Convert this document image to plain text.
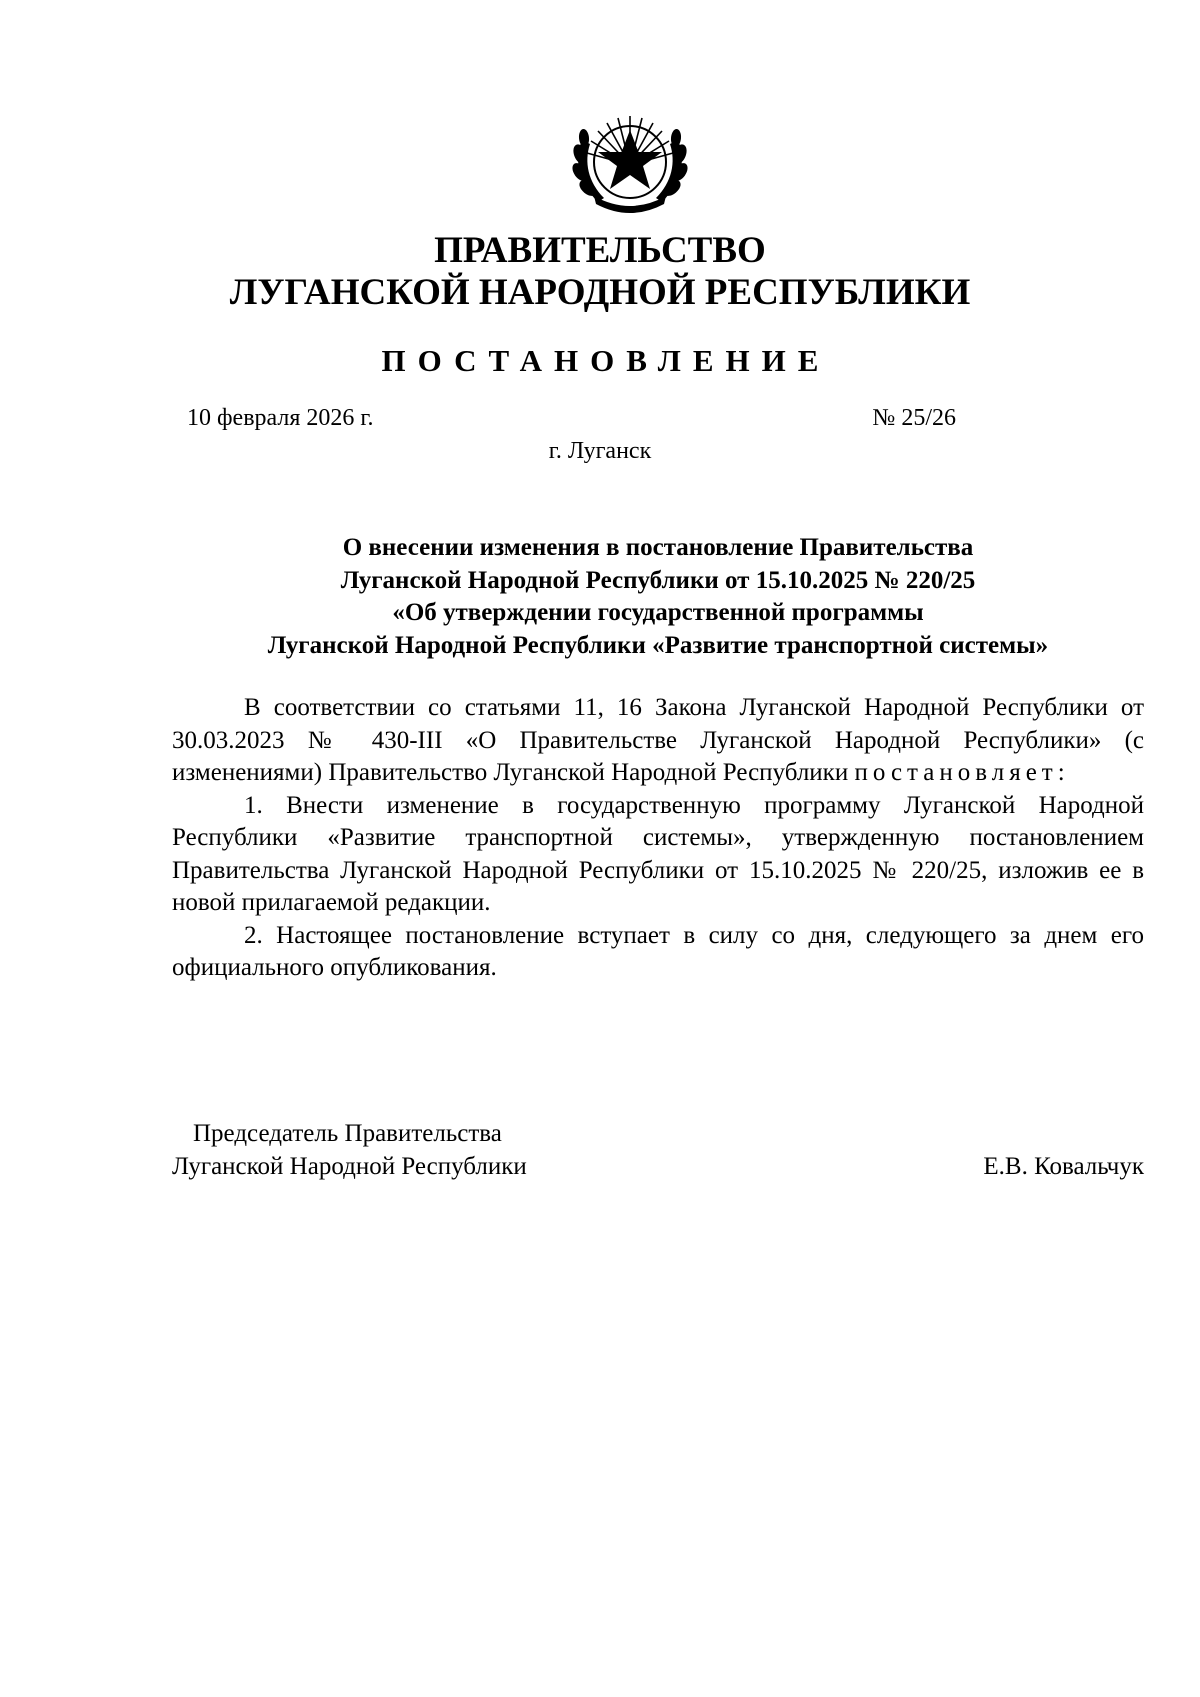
ПРАВИТЕЛЬСТВО
ЛУГАНСКОЙ НАРОДНОЙ РЕСПУБЛИКИ
ПОСТАНОВЛЕНИЕ
10 февраля 2026 г.	№ 25/26
г. Луганск
О внесении изменения в постановление Правительства
Луганской Народной Республики от 15.10.2025 № 220/25
«Об утверждении государственной программы
Луганской Народной Республики «Развитие транспортной системы»

В соответствии со статьями 11, 16 Закона Луганской Народной Республики от 30.03.2023 № 430-III «О Правительстве Луганской Народной Республики» (с изменениями) Правительство Луганской Народной Республики постановляет:

1. Внести изменение в государственную программу Луганской Народной Республики «Развитие транспортной системы», утвержденную постановлением Правительства Луганской Народной Республики от 15.10.2025 № 220/25, изложив ее в новой прилагаемой редакции.

2. Настоящее постановление вступает в силу со дня, следующего за днем его официального опубликования.

Председатель Правительства
Луганской Народной Республики	Е.В. Ковальчук
